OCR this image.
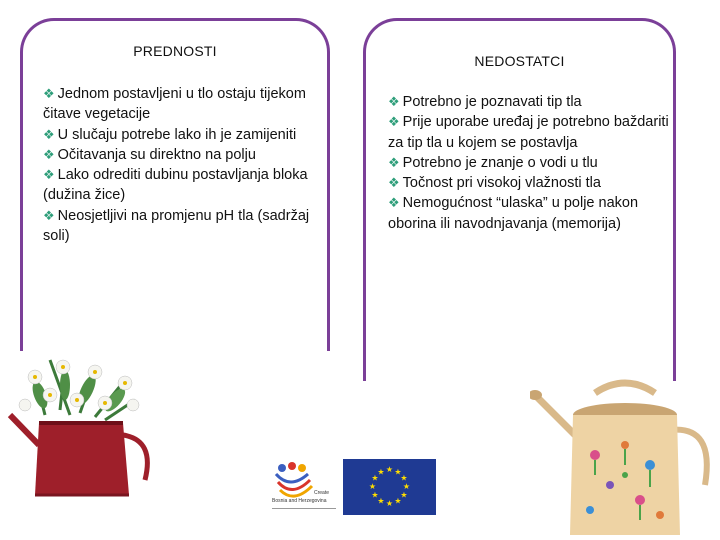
PREDNOSTI
❖ Jednom postavljeni u tlo ostaju tijekom čitave vegetacije
❖ U slučaju potrebe lako ih je zamijeniti
❖ Očitavanja su direktno na polju
❖ Lako odrediti dubinu postavljanja bloka (dužina žice)
❖ Neosjetljivi na promjenu pH tla (sadržaj soli)
NEDOSTATCI
❖ Potrebno je poznavati tip tla
❖ Prije uporabe uređaj je potrebno baždariti za tip tla u kojem se postavlja
❖ Potrebno je znanje o vodi u tlu
❖ Točnost pri visokoj vlažnosti tla
❖ Nemogućnost “ulaska” u polje nakon oborina ili navodnjavanja (memorija)
Create
Bosnia and Herzegovina
★ ★
★
★
★
★
★
★
★
★
★
★
